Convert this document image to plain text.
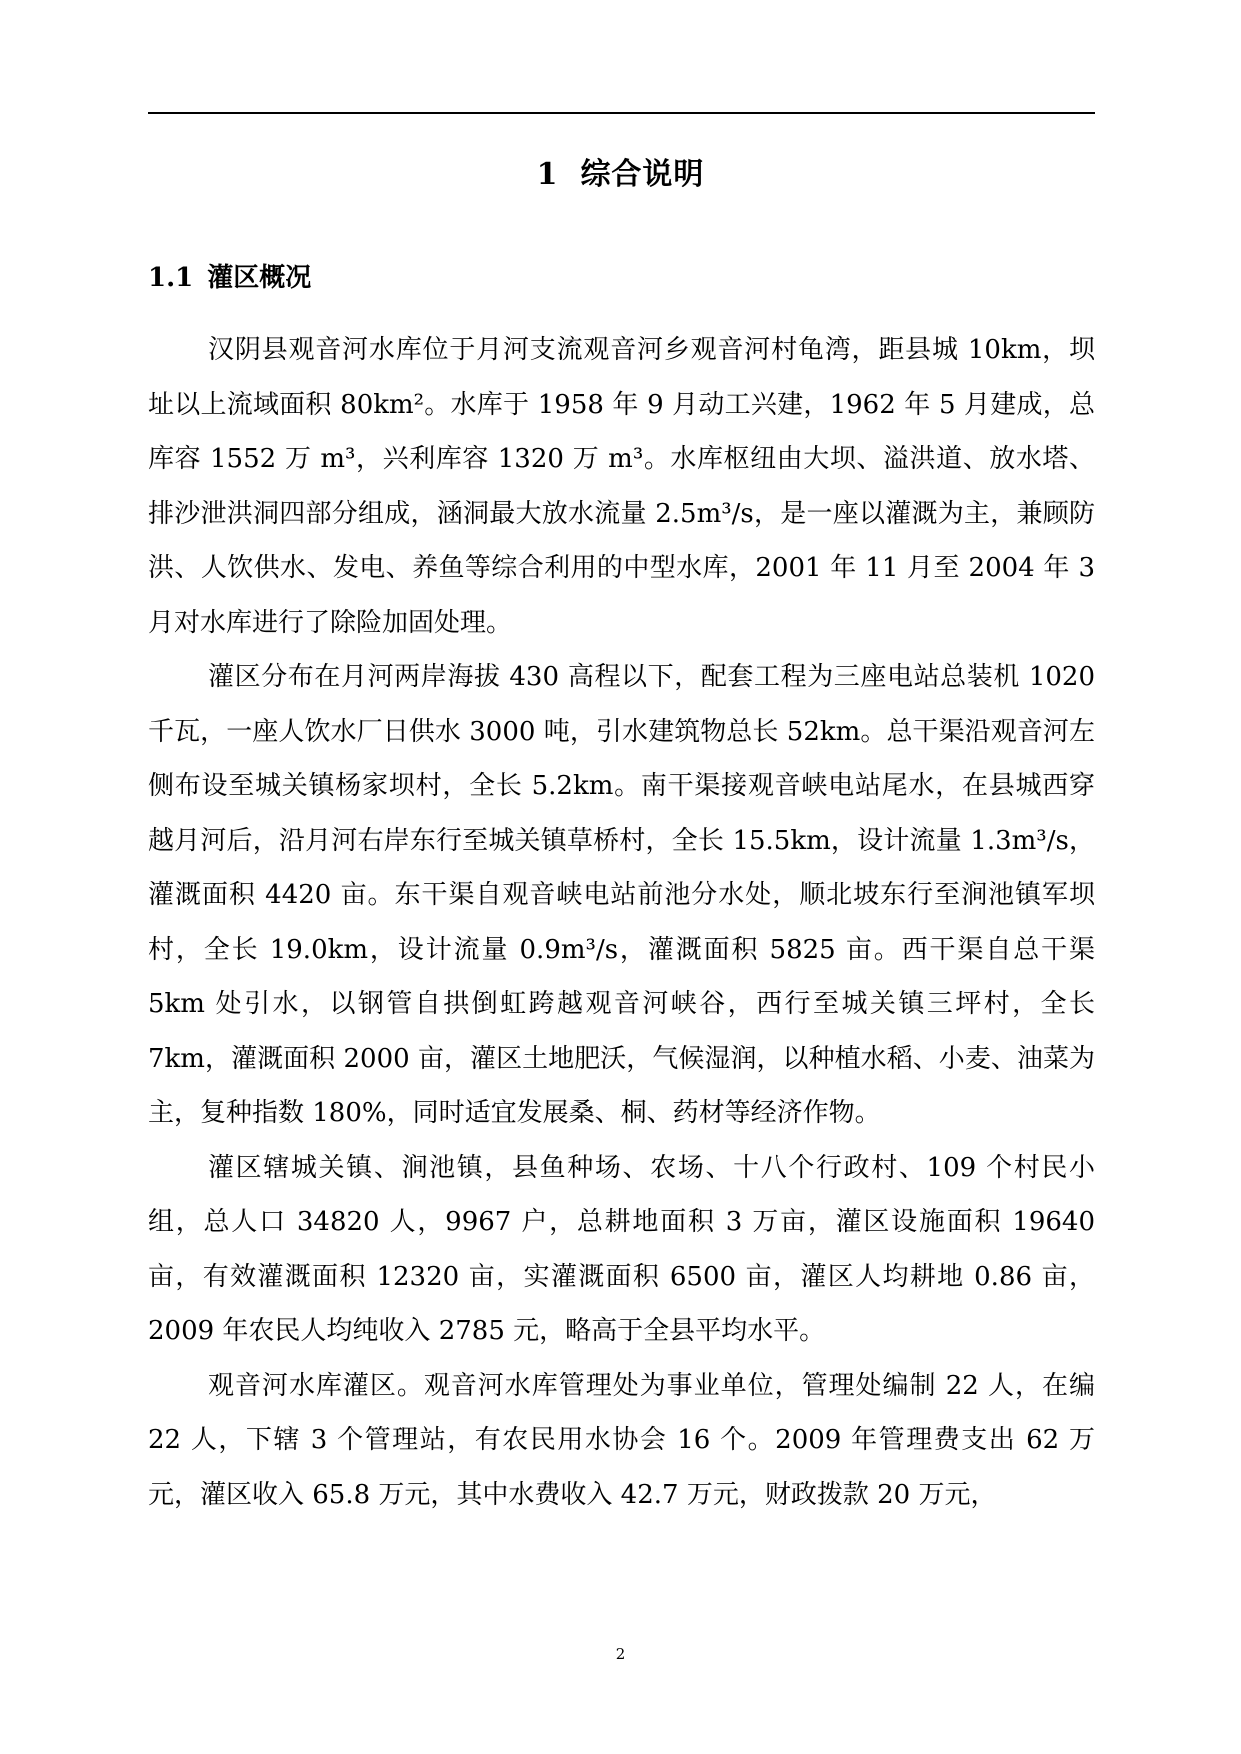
1 综合说明
1.1 灌区概况

汉阴县观音河水库位于月河支流观音河乡观音河村龟湾，距县城 10km，坝址以上流域面积 80km²。水库于 1958 年 9 月动工兴建，1962 年 5 月建成，总库容 1552 万 m³，兴利库容 1320 万 m³。水库枢纽由大坝、溢洪道、放水塔、排沙泄洪洞四部分组成，涵洞最大放水流量 2.5m³/s，是一座以灌溉为主，兼顾防洪、人饮供水、发电、养鱼等综合利用的中型水库，2001 年 11 月至 2004 年 3 月对水库进行了除险加固处理。

灌区分布在月河两岸海拔 430 高程以下，配套工程为三座电站总装机 1020 千瓦，一座人饮水厂日供水 3000 吨，引水建筑物总长 52km。总干渠沿观音河左侧布设至城关镇杨家坝村，全长 5.2km。南干渠接观音峡电站尾水，在县城西穿越月河后，沿月河右岸东行至城关镇草桥村，全长 15.5km，设计流量 1.3m³/s，灌溉面积 4420 亩。东干渠自观音峡电站前池分水处，顺北坡东行至涧池镇军坝村，全长 19.0km，设计流量 0.9m³/s，灌溉面积 5825 亩。西干渠自总干渠 5km 处引水，以钢管自拱倒虹跨越观音河峡谷，西行至城关镇三坪村，全长 7km，灌溉面积 2000 亩，灌区土地肥沃，气候湿润，以种植水稻、小麦、油菜为主，复种指数 180%，同时适宜发展桑、桐、药材等经济作物。

灌区辖城关镇、涧池镇，县鱼种场、农场、十八个行政村、109 个村民小组，总人口 34820 人，9967 户，总耕地面积 3 万亩，灌区设施面积 19640 亩，有效灌溉面积 12320 亩，实灌溉面积 6500 亩，灌区人均耕地 0.86 亩，2009 年农民人均纯收入 2785 元，略高于全县平均水平。

观音河水库灌区。观音河水库管理处为事业单位，管理处编制 22 人，在编 22 人，下辖 3 个管理站，有农民用水协会 16 个。2009 年管理费支出 62 万元，灌区收入 65.8 万元，其中水费收入 42.7 万元，财政拨款 20 万元，

2
